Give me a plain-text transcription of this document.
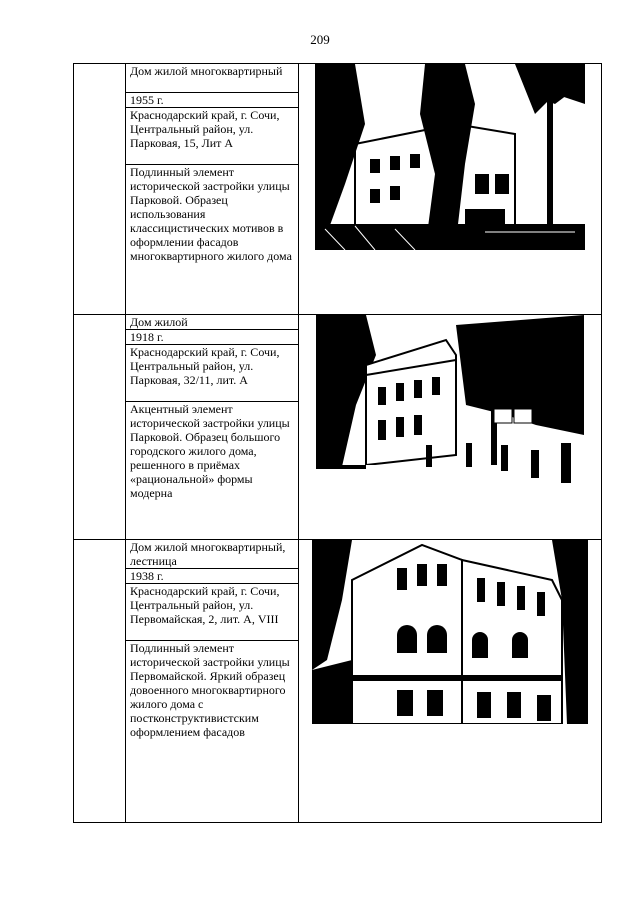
209

	Дом жилой многоквартирный
1955 г.
Краснодарский край, г. Сочи, Центральный район, ул. Парковая, 15, Лит А
Подлинный элемент исторической застройки улицы Парковой. Образец использования классицистических мотивов в оформлении фасадов многоквартирного жилого дома

	Дом жилой
1918 г.
Краснодарский край, г. Сочи, Центральный район, ул. Парковая, 32/11, лит. А
Акцентный элемент исторической застройки улицы Парковой. Образец большого городского жилого дома, решенного в приёмах «рациональной» формы модерна

	Дом жилой многоквартирный, лестница
1938 г.
Краснодарский край, г. Сочи, Центральный район, ул. Первомайская, 2, лит. А, VIII
Подлинный элемент исторической застройки улицы Первомайской. Яркий образец довоенного многоквартирного жилого дома с постконструктивистским оформлением фасадов
